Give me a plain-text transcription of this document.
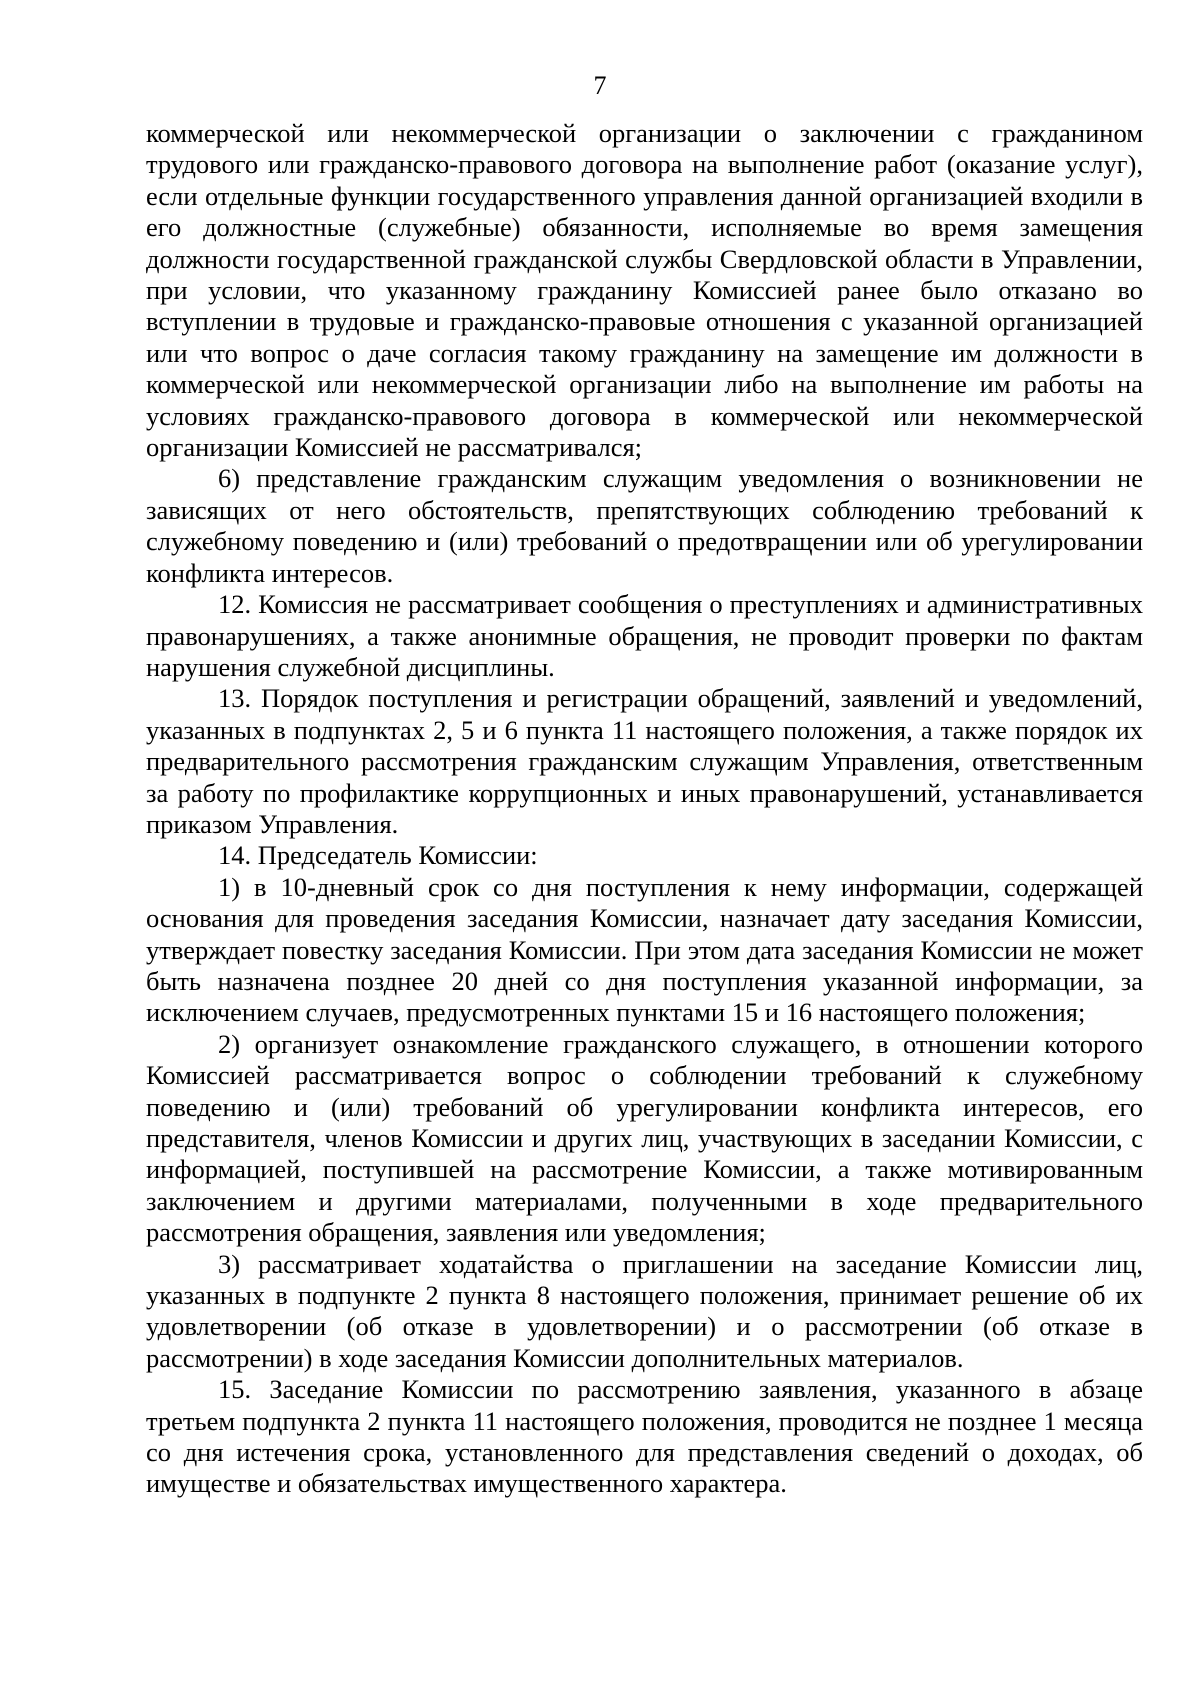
7

коммерческой или некоммерческой организации о заключении с гражданином трудового или гражданско-правового договора на выполнение работ (оказание услуг), если отдельные функции государственного управления данной организацией входили в его должностные (служебные) обязанности, исполняемые во время замещения должности государственной гражданской службы Свердловской области в Управлении, при условии, что указанному гражданину Комиссией ранее было отказано во вступлении в трудовые и гражданско-правовые отношения с указанной организацией или что вопрос о даче согласия такому гражданину на замещение им должности в коммерческой или некоммерческой организации либо на выполнение им работы на условиях гражданско-правового договора в коммерческой или некоммерческой организации Комиссией не рассматривался;

6) представление гражданским служащим уведомления о возникновении не зависящих от него обстоятельств, препятствующих соблюдению требований к служебному поведению и (или) требований о предотвращении или об урегулировании конфликта интересов.

12. Комиссия не рассматривает сообщения о преступлениях и административных правонарушениях, а также анонимные обращения, не проводит проверки по фактам нарушения служебной дисциплины.

13. Порядок поступления и регистрации обращений, заявлений и уведомлений, указанных в подпунктах 2, 5 и 6 пункта 11 настоящего положения, а также порядок их предварительного рассмотрения гражданским служащим Управления, ответственным за работу по профилактике коррупционных и иных правонарушений, устанавливается приказом Управления.

14. Председатель Комиссии:

1) в 10-дневный срок со дня поступления к нему информации, содержащей основания для проведения заседания Комиссии, назначает дату заседания Комиссии, утверждает повестку заседания Комиссии. При этом дата заседания Комиссии не может быть назначена позднее 20 дней со дня поступления указанной информации, за исключением случаев, предусмотренных пунктами 15 и 16 настоящего положения;

2) организует ознакомление гражданского служащего, в отношении которого Комиссией рассматривается вопрос о соблюдении требований к служебному поведению и (или) требований об урегулировании конфликта интересов, его представителя, членов Комиссии и других лиц, участвующих в заседании Комиссии, с информацией, поступившей на рассмотрение Комиссии, а также мотивированным заключением и другими материалами, полученными в ходе предварительного рассмотрения обращения, заявления или уведомления;

3) рассматривает ходатайства о приглашении на заседание Комиссии лиц, указанных в подпункте 2 пункта 8 настоящего положения, принимает решение об их удовлетворении (об отказе в удовлетворении) и о рассмотрении (об отказе в рассмотрении) в ходе заседания Комиссии дополнительных материалов.

15. Заседание Комиссии по рассмотрению заявления, указанного в абзаце третьем подпункта 2 пункта 11 настоящего положения, проводится не позднее 1 месяца со дня истечения срока, установленного для представления сведений о доходах, об имуществе и обязательствах имущественного характера.
